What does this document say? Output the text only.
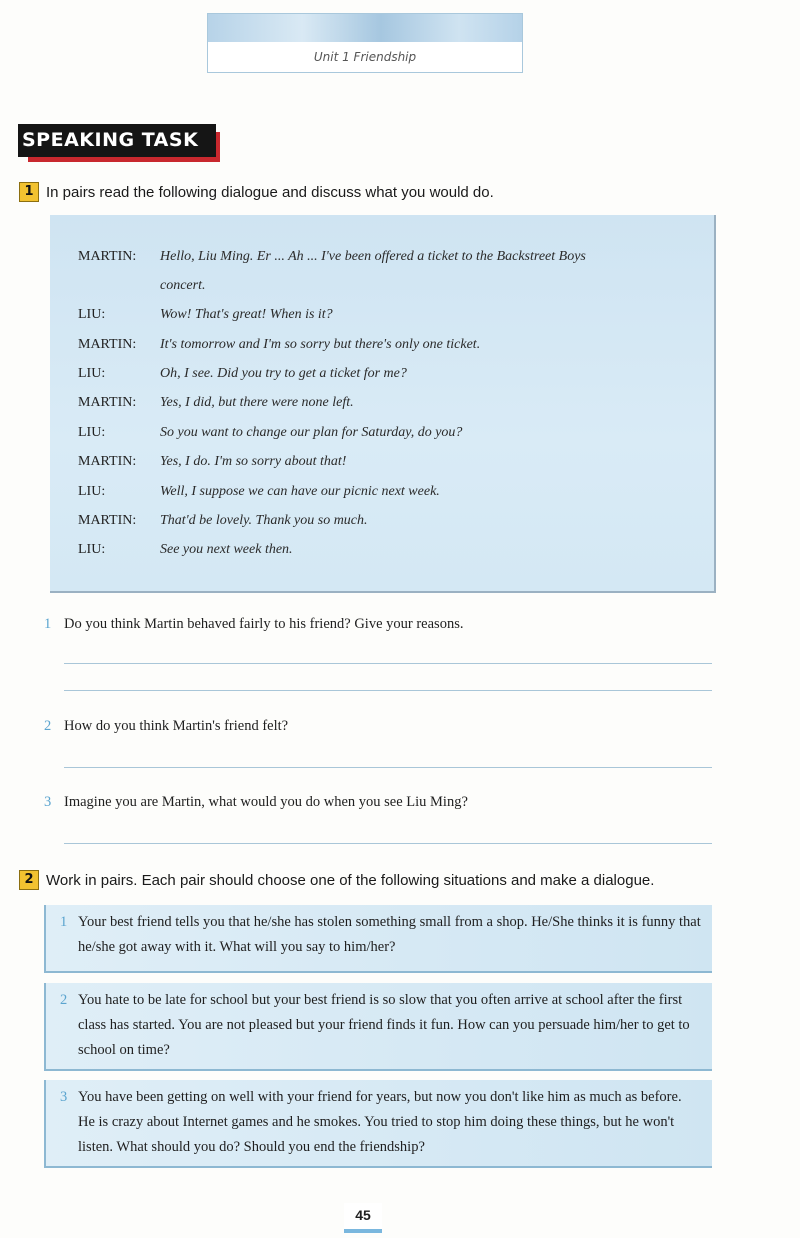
Unit 1 Friendship
SPEAKING TASK
1 In pairs read the following dialogue and discuss what you would do.
MARTIN:	Hello, Liu Ming. Er ... Ah ... I've been offered a ticket to the Backstreet Boys
concert.
LIU:	Wow! That's great! When is it?
MARTIN:	It's tomorrow and I'm so sorry but there's only one ticket.
LIU:	Oh, I see. Did you try to get a ticket for me?
MARTIN:	Yes, I did, but there were none left.
LIU:	So you want to change our plan for Saturday, do you?
MARTIN:	Yes, I do. I'm so sorry about that!
LIU:	Well, I suppose we can have our picnic next week.
MARTIN:	That'd be lovely. Thank you so much.
LIU:	See you next week then.
1 Do you think Martin behaved fairly to his friend? Give your reasons.
2 How do you think Martin's friend felt?
3 Imagine you are Martin, what would you do when you see Liu Ming?
2 Work in pairs. Each pair should choose one of the following situations and make a dialogue.
1 Your best friend tells you that he/she has stolen something small from a shop. He/She thinks it is funny that he/she got away with it. What will you say to him/her?
2 You hate to be late for school but your best friend is so slow that you often arrive at school after the first class has started. You are not pleased but your friend finds it fun. How can you persuade him/her to get to school on time?
3 You have been getting on well with your friend for years, but now you don't like him as much as before. He is crazy about Internet games and he smokes. You tried to stop him doing these things, but he won't listen. What should you do? Should you end the friendship?
45
